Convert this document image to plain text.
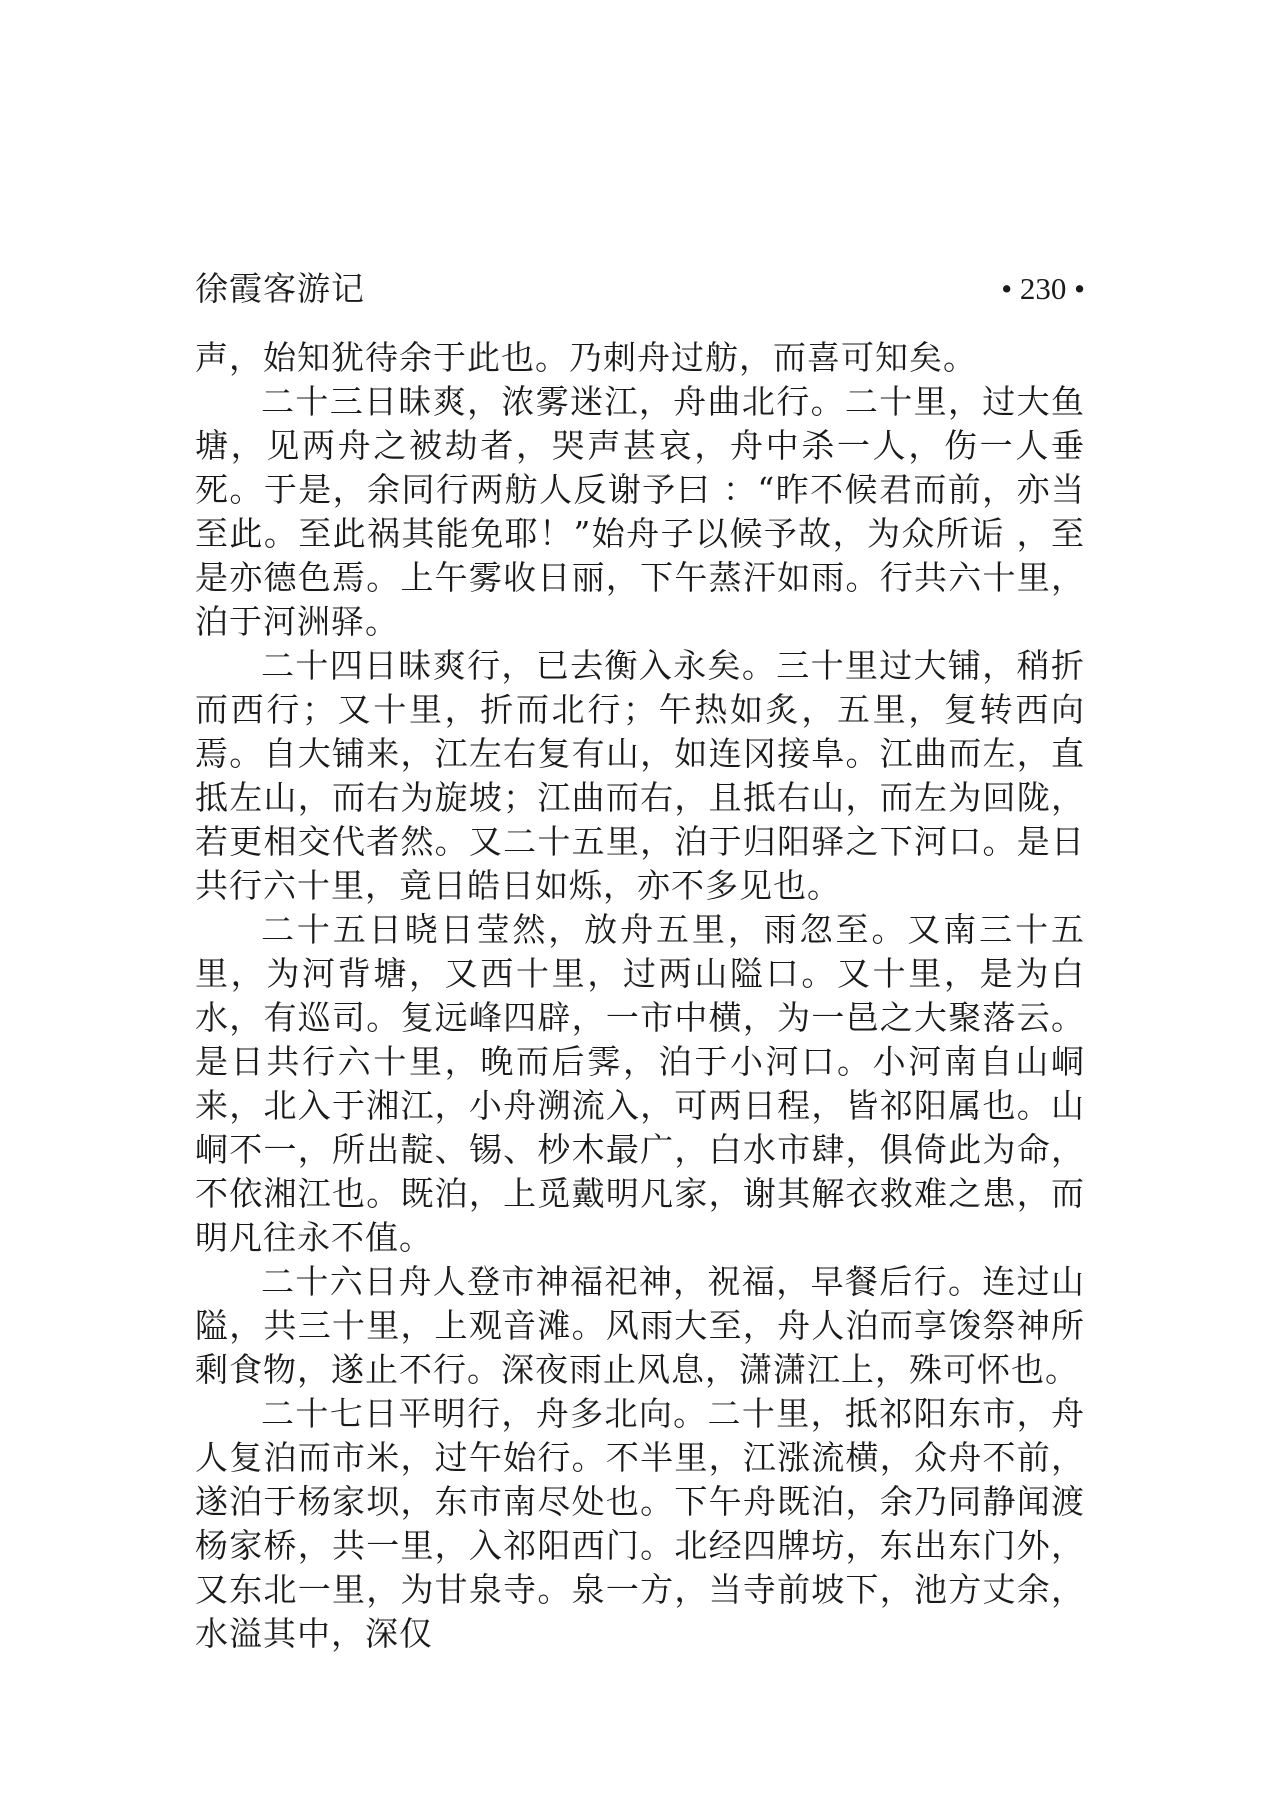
徐霞客游记	• 230 •

声，始知犹待余于此也。乃刺舟过舫，而喜可知矣。

二十三日昧爽，浓雾迷江，舟曲北行。二十里，过大鱼塘，见两舟之被劫者，哭声甚哀，舟中杀一人，伤一人垂死。于是，余同行两舫人反谢予曰 ：“昨不候君而前，亦当至此。至此祸其能免耶！”始舟子以候予故，为众所诟 ，至是亦德色焉。上午雾收日丽，下午蒸汗如雨。行共六十里，泊于河洲驿。

二十四日昧爽行，已去衡入永矣。三十里过大铺，稍折而西行；又十里，折而北行；午热如炙，五里，复转西向焉。自大铺来，江左右复有山，如连冈接阜。江曲而左，直抵左山，而右为旋坡；江曲而右，且抵右山，而左为回陇，若更相交代者然。又二十五里，泊于归阳驿之下河口。是日共行六十里，竟日皓日如烁，亦不多见也。

二十五日晓日莹然，放舟五里，雨忽至。又南三十五里，为河背塘，又西十里，过两山隘口。又十里，是为白水，有巡司。复远峰四辟，一市中横，为一邑之大聚落云。是日共行六十里，晚而后霁，泊于小河口。小河南自山峒来，北入于湘江，小舟溯流入，可两日程，皆祁阳属也。山峒不一，所出靛、锡、杪木最广，白水市肆，俱倚此为命，不依湘江也。既泊，上觅戴明凡家，谢其解衣救难之患，而明凡往永不值。

二十六日舟人登市神福祀神，祝福，早餐后行。连过山隘，共三十里，上观音滩。风雨大至，舟人泊而享馂祭神所剩食物，遂止不行。深夜雨止风息，潇潇江上，殊可怀也。

二十七日平明行，舟多北向。二十里，抵祁阳东市，舟人复泊而市米，过午始行。不半里，江涨流横，众舟不前，遂泊于杨家坝，东市南尽处也。下午舟既泊，余乃同静闻渡杨家桥，共一里，入祁阳西门。北经四牌坊，东出东门外，又东北一里，为甘泉寺。泉一方，当寺前坡下，池方丈余，水溢其中，深仅
